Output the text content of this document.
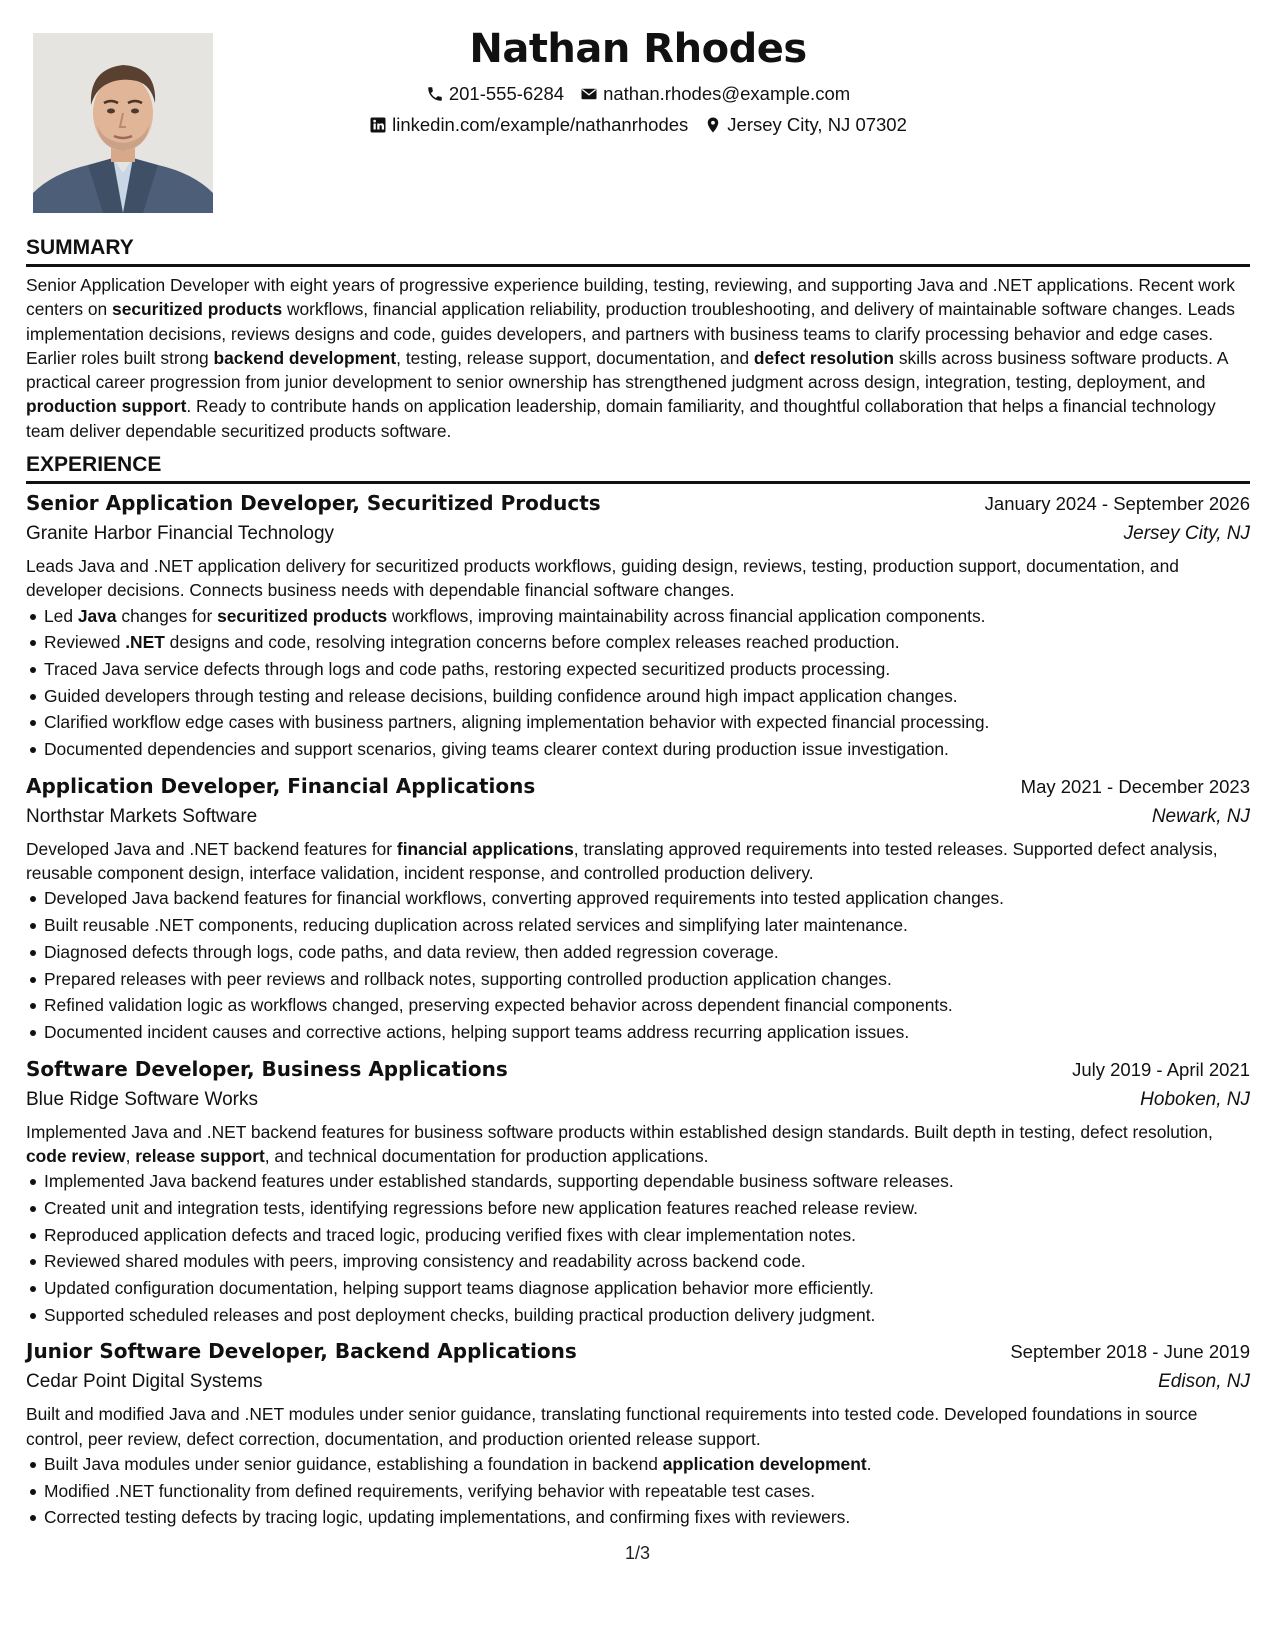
Nathan Rhodes
201-555-6284 nathan.rhodes@example.com
linkedin.com/example/nathanrhodes Jersey City, NJ 07302
SUMMARY

Senior Application Developer with eight years of progressive experience building, testing, reviewing, and supporting Java and .NET applications. Recent work centers on securitized products workflows, financial application reliability, production troubleshooting, and delivery of maintainable software changes. Leads implementation decisions, reviews designs and code, guides developers, and partners with business teams to clarify processing behavior and edge cases. Earlier roles built strong backend development, testing, release support, documentation, and defect resolution skills across business software products. A practical career progression from junior development to senior ownership has strengthened judgment across design, integration, testing, deployment, and production support. Ready to contribute hands on application leadership, domain familiarity, and thoughtful collaboration that helps a financial technology team deliver dependable securitized products software.

EXPERIENCE
Senior Application Developer, Securitized Products	January 2024 - September 2026
Granite Harbor Financial Technology	Jersey City, NJ

Leads Java and .NET application delivery for securitized products workflows, guiding design, reviews, testing, production support, documentation, and developer decisions. Connects business needs with dependable financial software changes.

Led Java changes for securitized products workflows, improving maintainability across financial application components.
Reviewed .NET designs and code, resolving integration concerns before complex releases reached production.
Traced Java service defects through logs and code paths, restoring expected securitized products processing.
Guided developers through testing and release decisions, building confidence around high impact application changes.
Clarified workflow edge cases with business partners, aligning implementation behavior with expected financial processing.
Documented dependencies and support scenarios, giving teams clearer context during production issue investigation.
Application Developer, Financial Applications	May 2021 - December 2023
Northstar Markets Software	Newark, NJ

Developed Java and .NET backend features for financial applications, translating approved requirements into tested releases. Supported defect analysis, reusable component design, interface validation, incident response, and controlled production delivery.

Developed Java backend features for financial workflows, converting approved requirements into tested application changes.
Built reusable .NET components, reducing duplication across related services and simplifying later maintenance.
Diagnosed defects through logs, code paths, and data review, then added regression coverage.
Prepared releases with peer reviews and rollback notes, supporting controlled production application changes.
Refined validation logic as workflows changed, preserving expected behavior across dependent financial components.
Documented incident causes and corrective actions, helping support teams address recurring application issues.
Software Developer, Business Applications	July 2019 - April 2021
Blue Ridge Software Works	Hoboken, NJ

Implemented Java and .NET backend features for business software products within established design standards. Built depth in testing, defect resolution, code review, release support, and technical documentation for production applications.

Implemented Java backend features under established standards, supporting dependable business software releases.
Created unit and integration tests, identifying regressions before new application features reached release review.
Reproduced application defects and traced logic, producing verified fixes with clear implementation notes.
Reviewed shared modules with peers, improving consistency and readability across backend code.
Updated configuration documentation, helping support teams diagnose application behavior more efficiently.
Supported scheduled releases and post deployment checks, building practical production delivery judgment.
Junior Software Developer, Backend Applications	September 2018 - June 2019
Cedar Point Digital Systems	Edison, NJ

Built and modified Java and .NET modules under senior guidance, translating functional requirements into tested code. Developed foundations in source control, peer review, defect correction, documentation, and production oriented release support.

Built Java modules under senior guidance, establishing a foundation in backend application development.
Modified .NET functionality from defined requirements, verifying behavior with repeatable test cases.
Corrected testing defects by tracing logic, updating implementations, and confirming fixes with reviewers.
1/3
